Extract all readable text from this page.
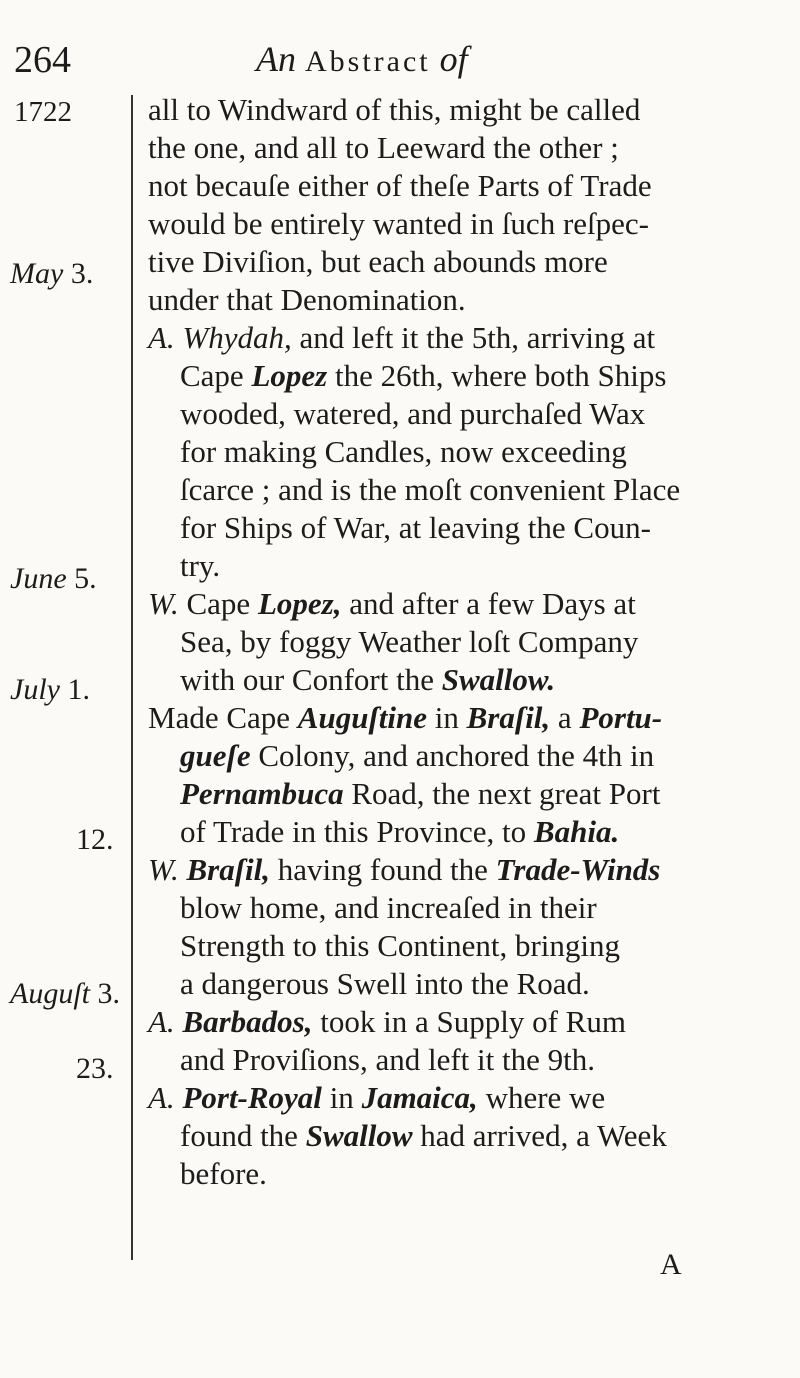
264	An Abstract of
1722
May 3.
June 5.
July 1.
12.
Auguſt 3.
23.
all to Windward of this, might be called
the one, and all to Leeward the other ;
not becauſe either of theſe Parts of Trade
would be entirely wanted in ſuch reſpec-
tive Diviſion, but each abounds more
under that Denomination.
A. Whydah, and left it the 5th, arriving at
Cape Lopez the 26th, where both Ships
wooded, watered, and purchaſed Wax
for making Candles, now exceeding
ſcarce ; and is the moſt convenient Place
for Ships of War, at leaving the Coun-
try.
W. Cape Lopez, and after a few Days at
Sea, by foggy Weather loſt Company
with our Confort the Swallow.
Made Cape Auguſtine in Braſil, a Portu-
gueſe Colony, and anchored the 4th in
Pernambuca Road, the next great Port
of Trade in this Province, to Bahia.
W. Braſil, having found the Trade-Winds
blow home, and increaſed in their
Strength to this Continent, bringing
a dangerous Swell into the Road.
A. Barbados, took in a Supply of Rum
and Proviſions, and left it the 9th.
A. Port-Royal in Jamaica, where we
found the Swallow had arrived, a Week
before.
A
